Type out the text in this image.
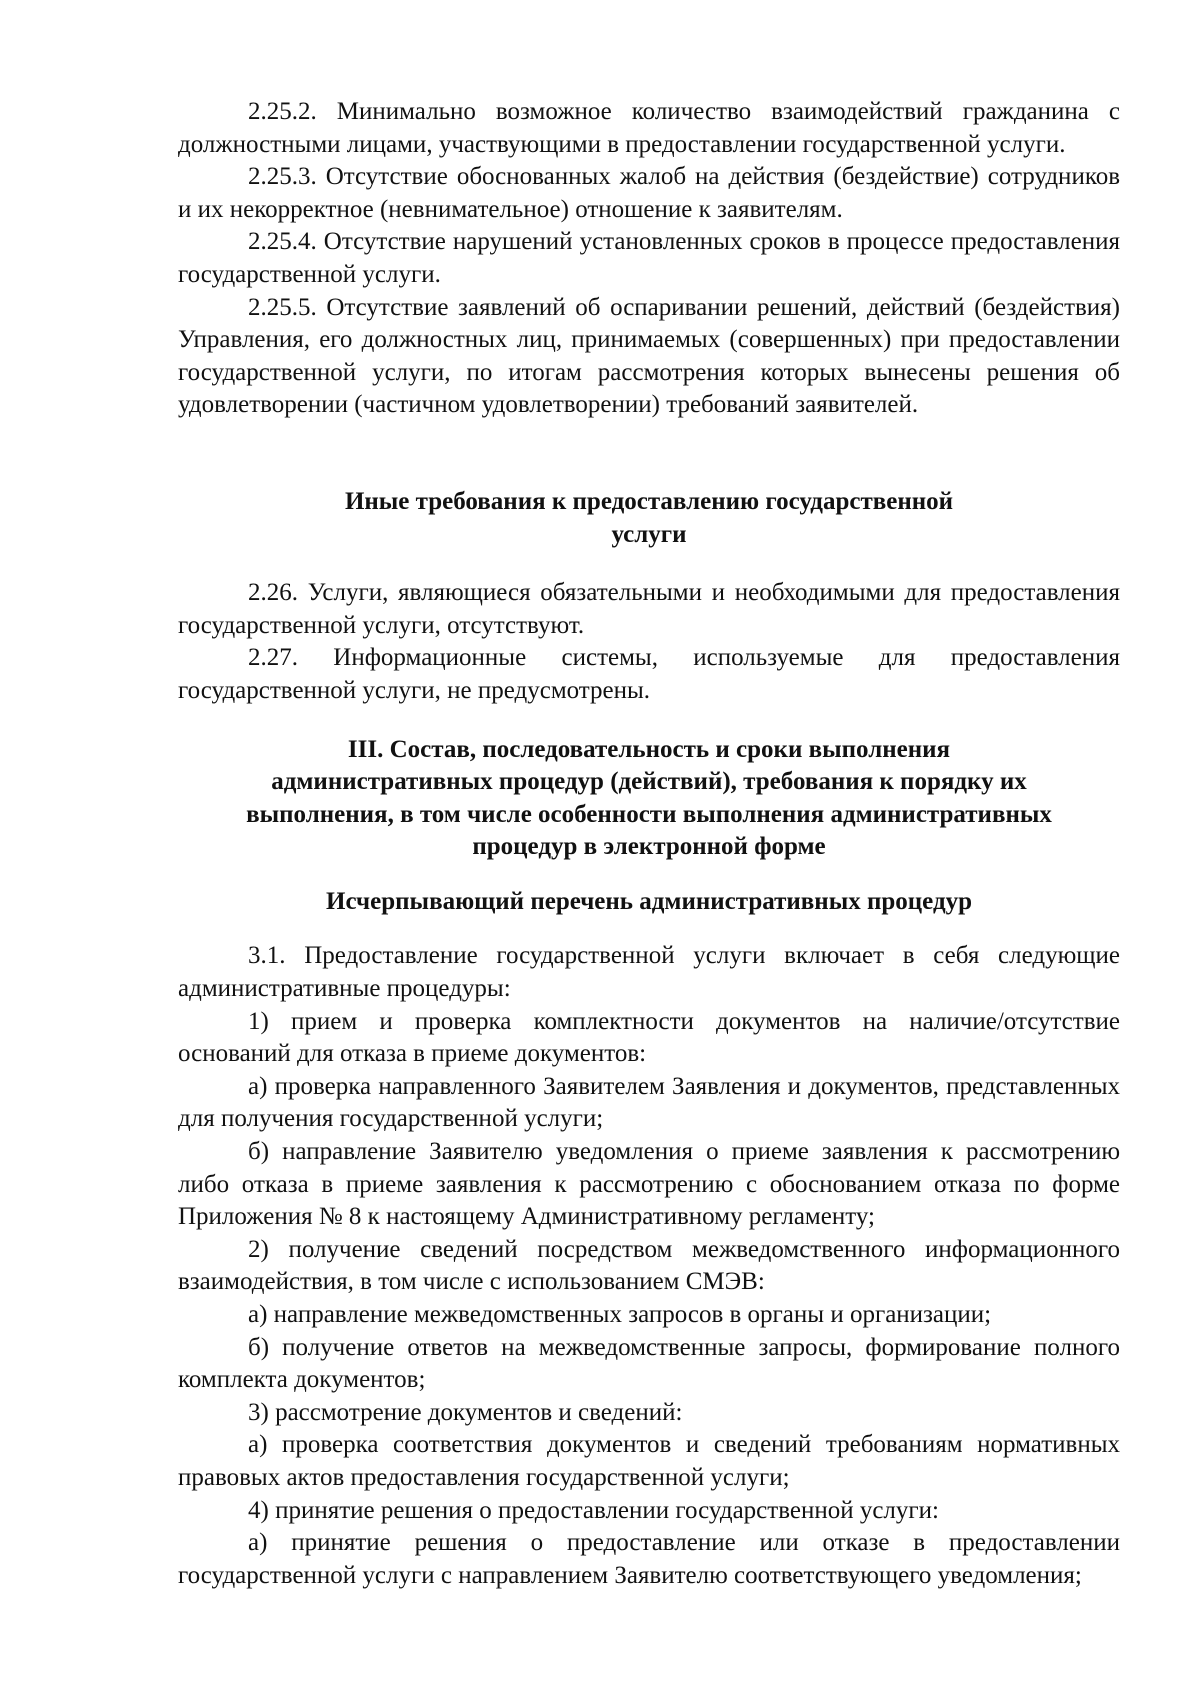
2.25.2. Минимально возможное количество взаимодействий гражданина с должностными лицами, участвующими в предоставлении государственной услуги.

2.25.3. Отсутствие обоснованных жалоб на действия (бездействие) сотрудников и их некорректное (невнимательное) отношение к заявителям.

2.25.4. Отсутствие нарушений установленных сроков в процессе предоставления государственной услуги.

2.25.5. Отсутствие заявлений об оспаривании решений, действий (бездействия) Управления, его должностных лиц, принимаемых (совершенных) при предоставлении государственной услуги, по итогам рассмотрения которых вынесены решения об удовлетворении (частичном удовлетворении) требований заявителей.

Иные требования к предоставлению государственной

услуги

2.26. Услуги, являющиеся обязательными и необходимыми для предоставления государственной услуги, отсутствуют.

2.27. Информационные системы, используемые для предоставления государственной услуги, не предусмотрены.

III. Состав, последовательность и сроки выполнения

административных процедур (действий), требования к порядку их

выполнения, в том числе особенности выполнения административных

процедур в электронной форме

Исчерпывающий перечень административных процедур

3.1. Предоставление государственной услуги включает в себя следующие административные процедуры:

1) прием и проверка комплектности документов на наличие/отсутствие оснований для отказа в приеме документов:

а) проверка направленного Заявителем Заявления и документов, представленных для получения государственной услуги;

б) направление Заявителю уведомления о приеме заявления к рассмотрению либо отказа в приеме заявления к рассмотрению с обоснованием отказа по форме Приложения № 8 к настоящему Административному регламенту;

2) получение сведений посредством межведомственного информационного взаимодействия, в том числе с использованием СМЭВ:

а) направление межведомственных запросов в органы и организации;

б) получение ответов на межведомственные запросы, формирование полного комплекта документов;

3) рассмотрение документов и сведений:

а) проверка соответствия документов и сведений требованиям нормативных правовых актов предоставления государственной услуги;

4) принятие решения о предоставлении государственной услуги:

а) принятие решения о предоставление или отказе в предоставлении государственной услуги с направлением Заявителю соответствующего уведомления;
